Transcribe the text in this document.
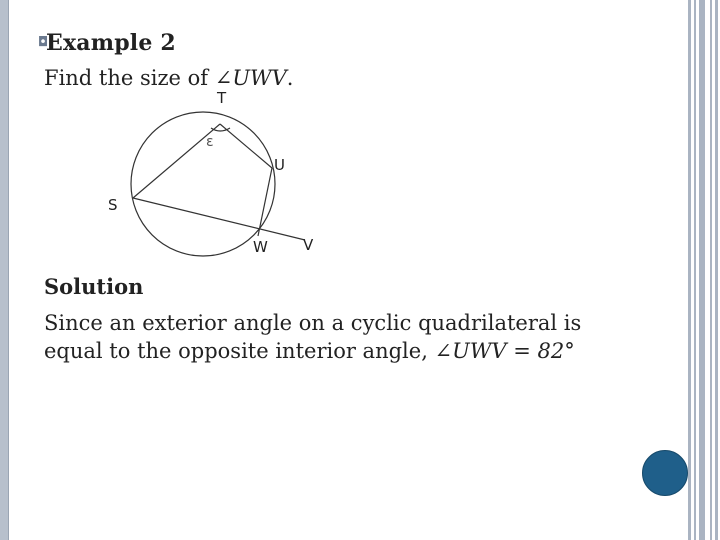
◘
Example 2
Find the size of ∠UWV.
T
U
S
W V
ε
Solution
Since an exterior angle on a cyclic quadrilateral is
equal to the opposite interior angle, ∠UWV = 82°
